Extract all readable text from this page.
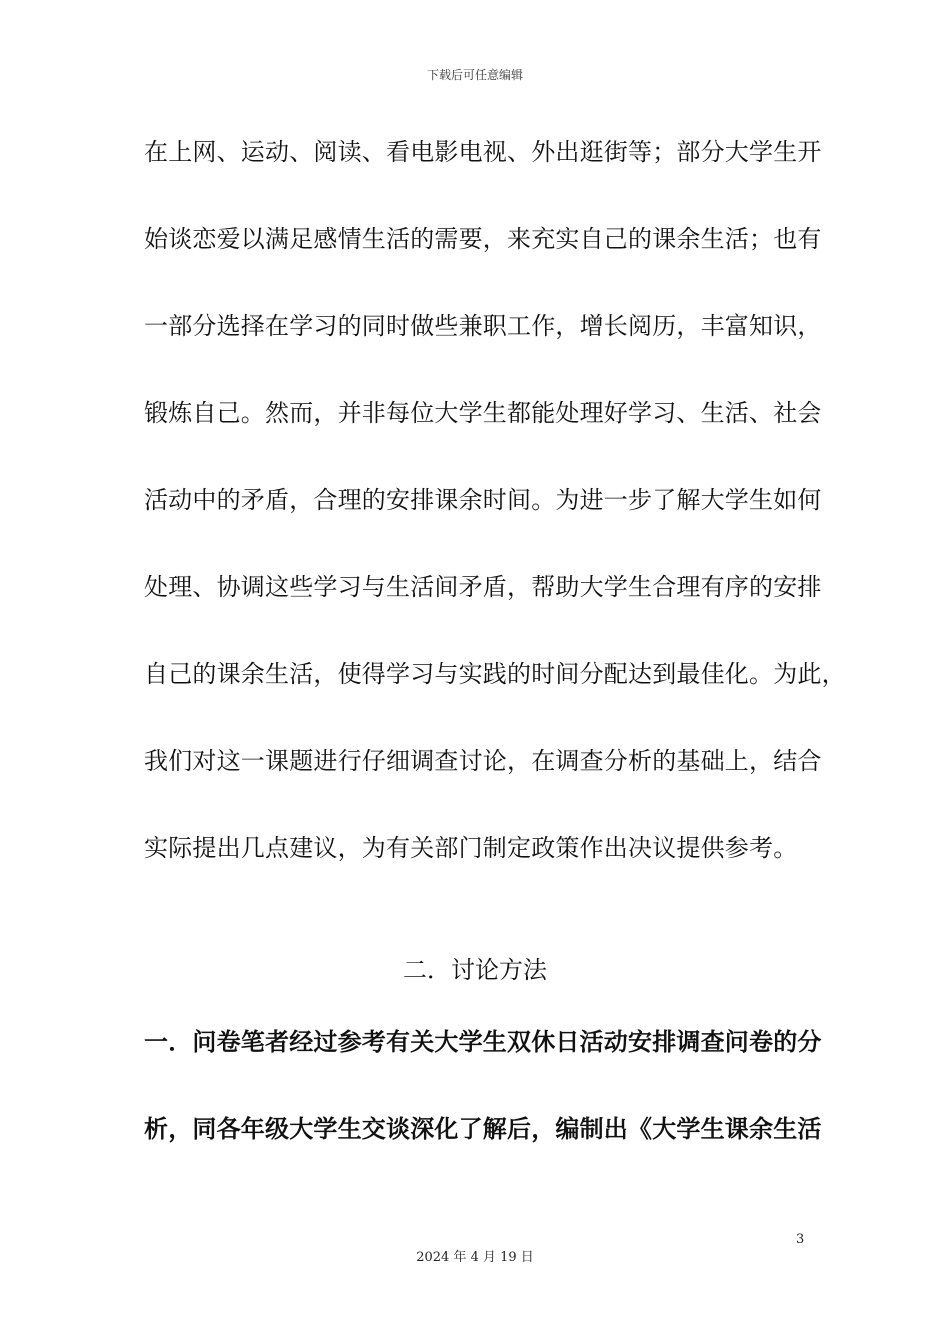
下载后可任意编辑
在上网、运动、阅读、看电影电视、外出逛街等；部分大学生开
始谈恋爱以满足感情生活的需要，来充实自己的课余生活；也有
一部分选择在学习的同时做些兼职工作，增长阅历，丰富知识，
锻炼自己。然而，并非每位大学生都能处理好学习、生活、社会
活动中的矛盾，合理的安排课余时间。为进一步了解大学生如何
处理、协调这些学习与生活间矛盾，帮助大学生合理有序的安排
自己的课余生活，使得学习与实践的时间分配达到最佳化。为此，
我们对这一课题进行仔细调查讨论，在调查分析的基础上，结合
实际提出几点建议，为有关部门制定政策作出决议提供参考。
二．讨论方法
一．问卷笔者经过参考有关大学生双休日活动安排调查问卷的分
析，同各年级大学生交谈深化了解后，编制出《大学生课余生活
3
2024 年 4 月 19 日
